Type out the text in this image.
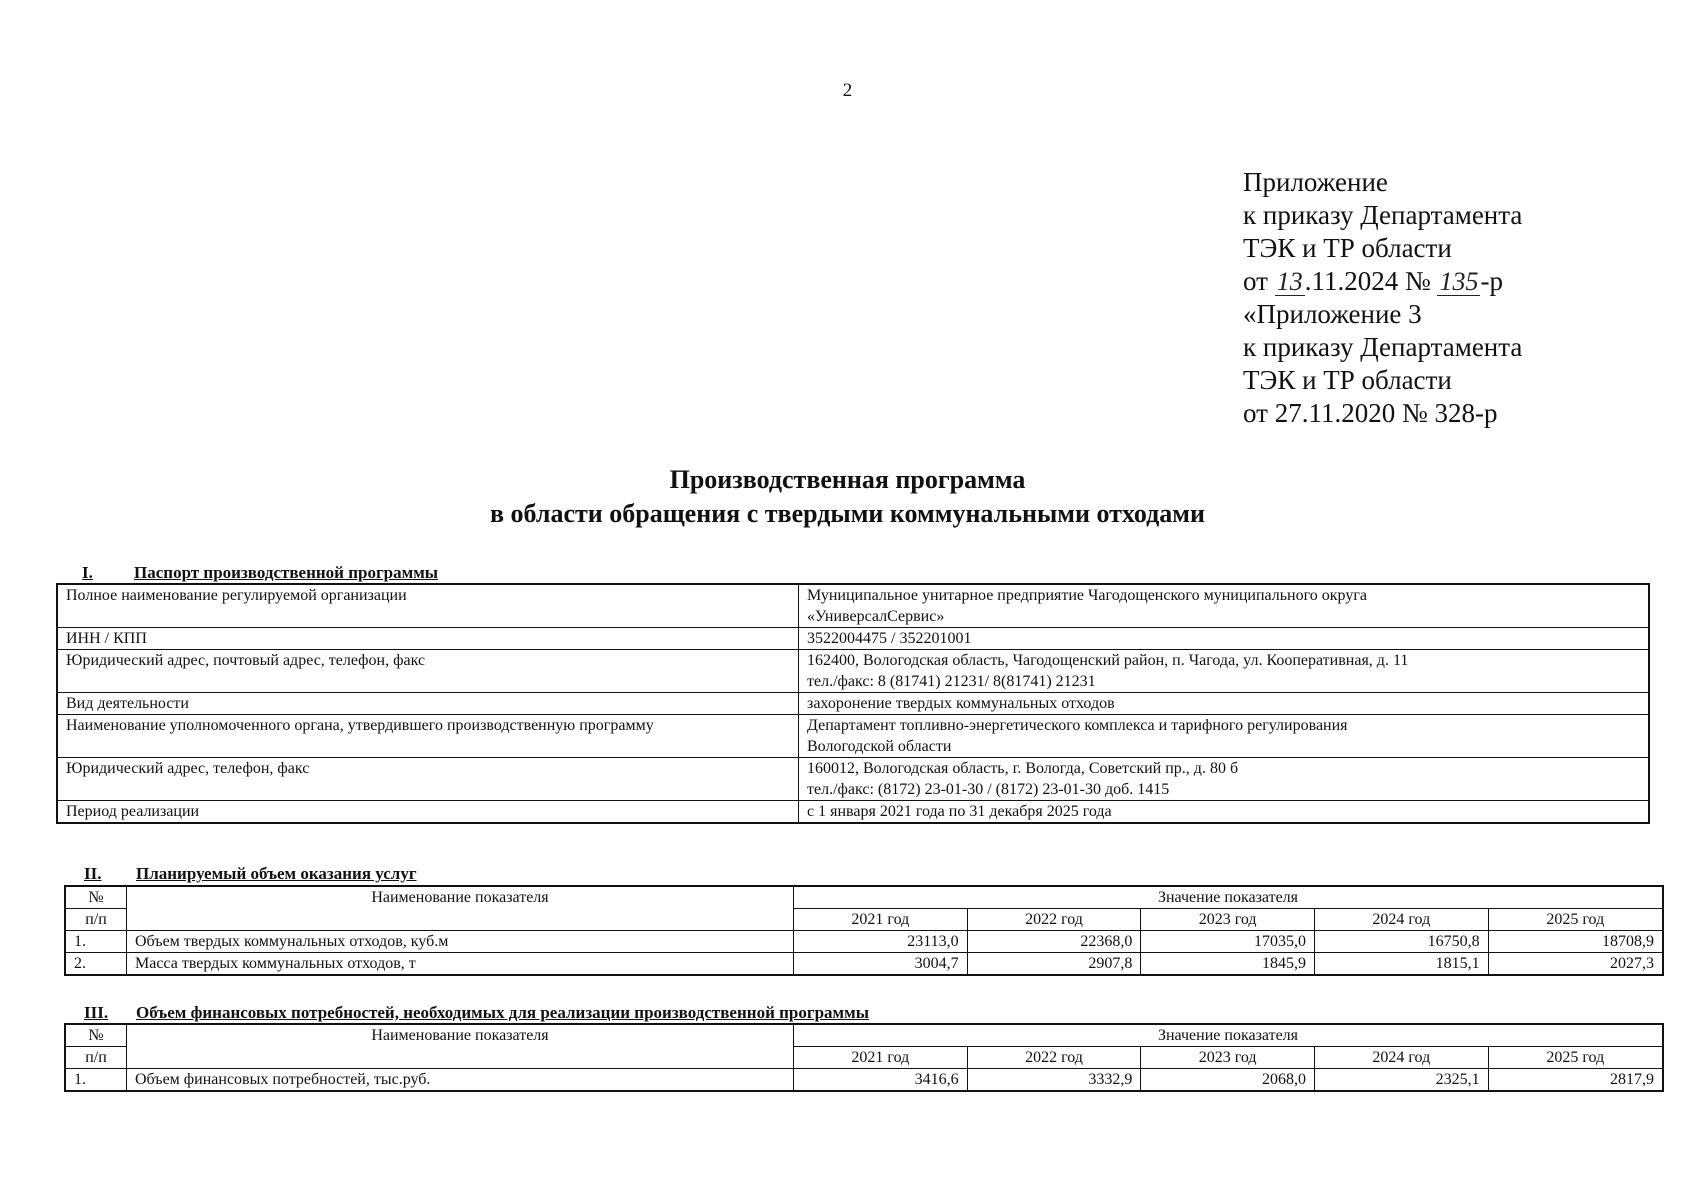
2
Приложение
к приказу Департамента
ТЭК и ТР области
от 13.11.2024 № 135-р
«Приложение 3
к приказу Департамента
ТЭК и ТР области
от 27.11.2020 № 328-р
Производственная программа
в области обращения с твердыми коммунальными отходами
I. Паспорт производственной программы
Полное наименование регулируемой организации	Муниципальное унитарное предприятие Чагодощенского муниципального округа
«УниверсалСервис»

ИНН / КПП	3522004475 / 352201001

Юридический адрес, почтовый адрес, телефон, факс	162400, Вологодская область, Чагодощенский район, п. Чагода, ул. Кооперативная, д. 11
тел./факс: 8 (81741) 21231/ 8(81741) 21231

Вид деятельности	захоронение твердых коммунальных отходов

Наименование уполномоченного органа, утвердившего производственную программу	Департамент топливно-энергетического комплекса и тарифного регулирования
Вологодской области

Юридический адрес, телефон, факс	160012, Вологодская область, г. Вологда, Советский пр., д. 80 б
тел./факс: (8172) 23-01-30 / (8172) 23-01-30 доб. 1415

Период реализации	с 1 января 2021 года по 31 декабря 2025 года
II. Планируемый объем оказания услуг
№	Наименование показателя	Значение показателя				
п/п		2021 год	2022 год	2023 год	2024 год	2025 год
1.	Объем твердых коммунальных отходов, куб.м	23113,0	22368,0	17035,0	16750,8	18708,9
2.	Масса твердых коммунальных отходов, т	3004,7	2907,8	1845,9	1815,1	2027,3
III. Объем финансовых потребностей, необходимых для реализации производственной программы
№	Наименование показателя	Значение показателя				
п/п		2021 год	2022 год	2023 год	2024 год	2025 год
1.	Объем финансовых потребностей, тыс.руб.	3416,6	3332,9	2068,0	2325,1	2817,9
